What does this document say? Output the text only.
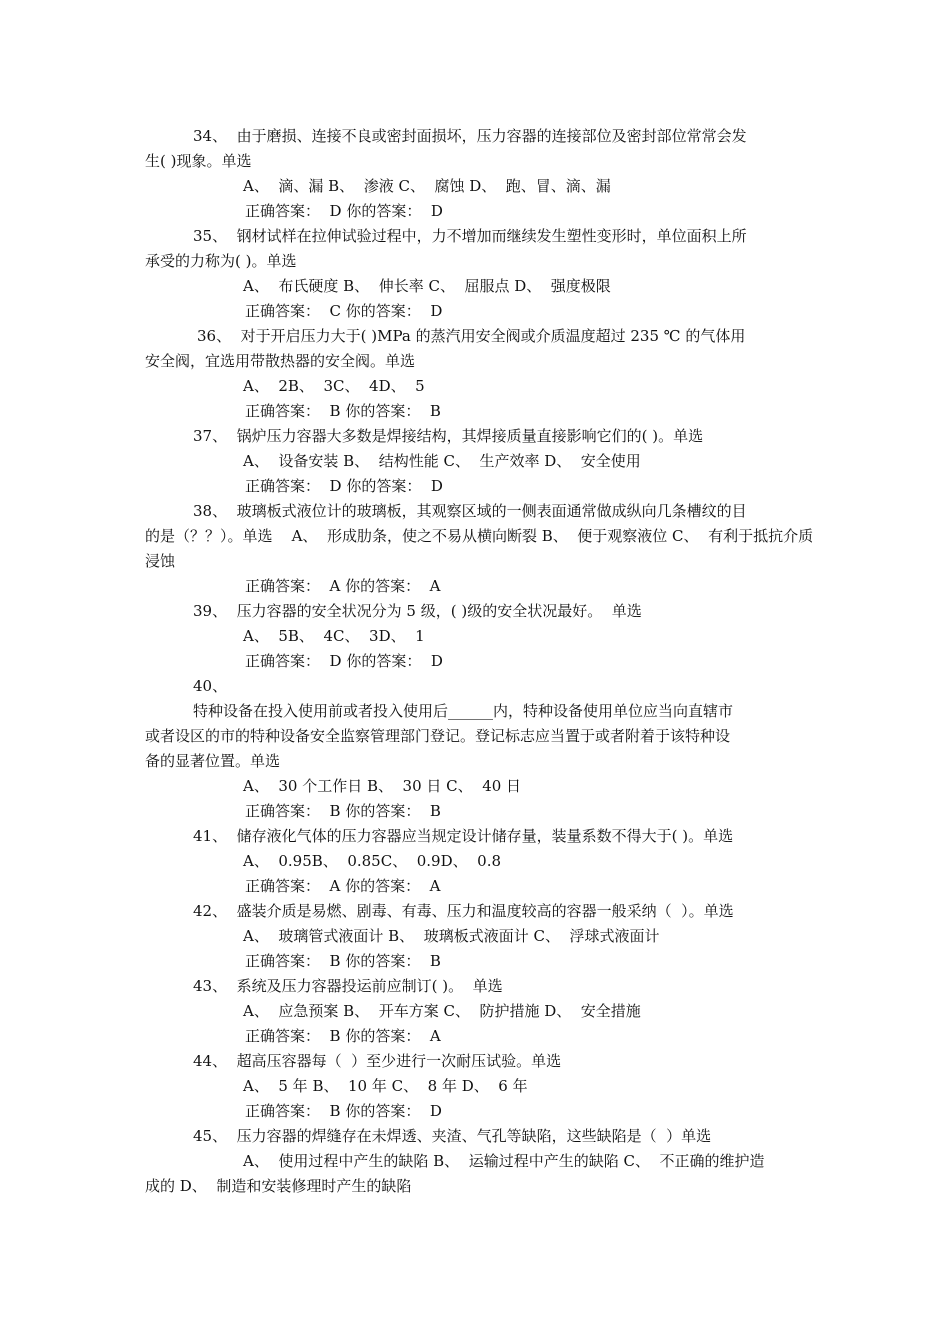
34、 由于磨损、连接不良或密封面损坏，压力容器的连接部位及密封部位常常会发
生( )现象。单选
A、  滴、漏 B、  渗液 C、  腐蚀 D、  跑、冒、滴、漏
正确答案：  D 你的答案：  D
35、 钢材试样在拉伸试验过程中，力不增加而继续发生塑性变形时，单位面积上所
承受的力称为( )。单选
A、  布氏硬度 B、  伸长率 C、  屈服点 D、  强度极限
正确答案：  C 你的答案：  D
36、 对于开启压力大于( )MPa 的蒸汽用安全阀或介质温度超过 235 ℃ 的气体用
安全阀，宜选用带散热器的安全阀。单选
A、  2B、  3C、  4D、  5
正确答案：  B 你的答案：  B
37、 锅炉压力容器大多数是焊接结构，其焊接质量直接影响它们的( )。单选
A、  设备安装 B、  结构性能 C、  生产效率 D、  安全使用
正确答案：  D 你的答案：  D
38、 玻璃板式液位计的玻璃板，其观察区域的一侧表面通常做成纵向几条槽纹的目
的是（？？）。单选 A、  形成肋条，使之不易从横向断裂 B、  便于观察液位 C、  有利于抵抗介质
浸蚀
正确答案：  A 你的答案：  A
39、 压力容器的安全状况分为 5 级，( )级的安全状况最好。  单选
A、  5B、  4C、  3D、  1
正确答案：  D 你的答案：  D
40、
特种设备在投入使用前或者投入使用后______内，特种设备使用单位应当向直辖市
或者设区的市的特种设备安全监察管理部门登记。登记标志应当置于或者附着于该特种设
备的显著位置。单选
A、  30 个工作日 B、  30 日 C、  40 日
正确答案：  B 你的答案：  B
41、 储存液化气体的压力容器应当规定设计储存量，装量系数不得大于( )。单选
A、  0.95B、  0.85C、  0.9D、  0.8
正确答案：  A 你的答案：  A
42、 盛装介质是易燃、剧毒、有毒、压力和温度较高的容器一般采纳（  ）。单选
A、  玻璃管式液面计 B、  玻璃板式液面计 C、  浮球式液面计
正确答案：  B 你的答案：  B
43、 系统及压力容器投运前应制订( )。  单选
A、  应急预案 B、  开车方案 C、  防护措施 D、  安全措施
正确答案：  B 你的答案：  A
44、 超高压容器每（  ）至少进行一次耐压试验。单选
A、  5 年 B、  10 年 C、  8 年 D、  6 年
正确答案：  B 你的答案：  D
45、 压力容器的焊缝存在未焊透、夹渣、气孔等缺陷，这些缺陷是（  ）单选
A、  使用过程中产生的缺陷 B、  运输过程中产生的缺陷 C、  不正确的维护造
成的 D、  制造和安装修理时产生的缺陷
